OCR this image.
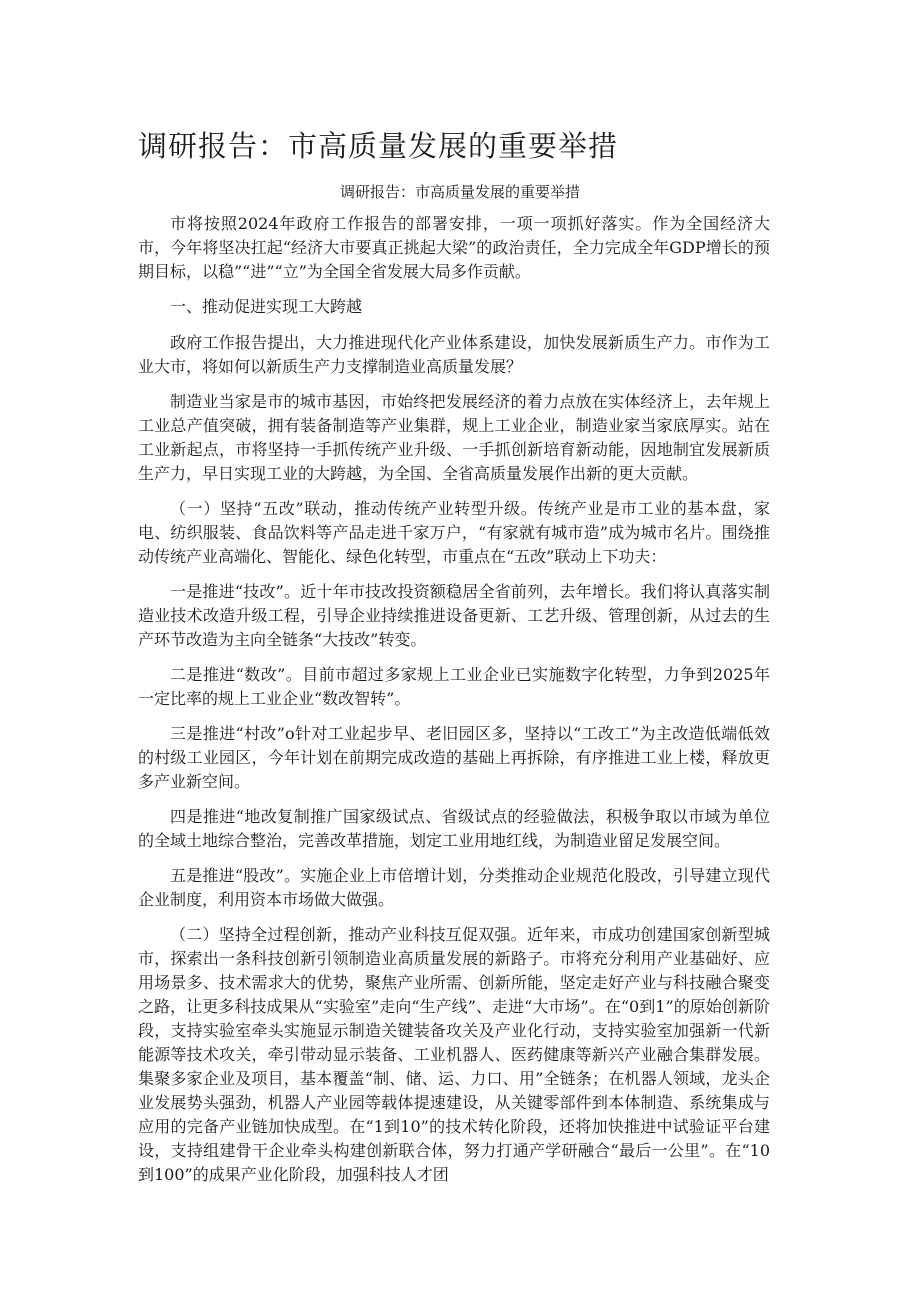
调研报告：市高质量发展的重要举措
调研报告：市高质量发展的重要举措

市将按照2024年政府工作报告的部署安排，一项一项抓好落实。作为全国经济大市，今年将坚决扛起“经济大市要真正挑起大梁”的政治责任，全力完成全年GDP增长的预期目标，以稳”“进”“立”为全国全省发展大局多作贡献。

一、推动促进实现工大跨越

政府工作报告提出，大力推进现代化产业体系建设，加快发展新质生产力。市作为工业大市，将如何以新质生产力支撑制造业高质量发展？

制造业当家是市的城市基因，市始终把发展经济的着力点放在实体经济上，去年规上工业总产值突破，拥有装备制造等产业集群，规上工业企业，制造业家当家底厚实。站在工业新起点，市将坚持一手抓传统产业升级、一手抓创新培育新动能，因地制宜发展新质生产力，早日实现工业的大跨越，为全国、全省高质量发展作出新的更大贡献。

（一）坚持“五改”联动，推动传统产业转型升级。传统产业是市工业的基本盘，家电、纺织服装、食品饮料等产品走进千家万户，“有家就有城市造”成为城市名片。围绕推动传统产业高端化、智能化、绿色化转型，市重点在“五改”联动上下功夫：

一是推进“技改”。近十年市技改投资额稳居全省前列，去年增长。我们将认真落实制造业技术改造升级工程，引导企业持续推进设备更新、工艺升级、管理创新，从过去的生产环节改造为主向全链条“大技改”转变。

二是推进“数改”。目前市超过多家规上工业企业已实施数字化转型，力争到2025年一定比率的规上工业企业“数改智转”。

三是推进“村改”o针对工业起步早、老旧园区多，坚持以“工改工”为主改造低端低效的村级工业园区，今年计划在前期完成改造的基础上再拆除，有序推进工业上楼，释放更多产业新空间。

四是推进“地改复制推广国家级试点、省级试点的经验做法，积极争取以市域为单位的全域土地综合整治，完善改革措施，划定工业用地红线，为制造业留足发展空间。

五是推进“股改”。实施企业上市倍增计划，分类推动企业规范化股改，引导建立现代企业制度，利用资本市场做大做强。

（二）坚持全过程创新，推动产业科技互促双强。近年来，市成功创建国家创新型城市，探索出一条科技创新引领制造业高质量发展的新路子。市将充分利用产业基础好、应用场景多、技术需求大的优势，聚焦产业所需、创新所能，坚定走好产业与科技融合聚变之路，让更多科技成果从“实验室”走向“生产线”、走进“大市场”。在“0到1”的原始创新阶段，支持实验室牵头实施显示制造关键装备攻关及产业化行动，支持实验室加强新一代新能源等技术攻关，牵引带动显示装备、工业机器人、医药健康等新兴产业融合集群发展。集聚多家企业及项目，基本覆盖“制、储、运、力口、用”全链条；在机器人领域，龙头企业发展势头强劲，机器人产业园等载体提速建设，从关键零部件到本体制造、系统集成与应用的完备产业链加快成型。在“1到10”的技术转化阶段，还将加快推进中试验证平台建设，支持组建骨干企业牵头构建创新联合体，努力打通产学研融合“最后一公里”。在“10到100”的成果产业化阶段，加强科技人才团
